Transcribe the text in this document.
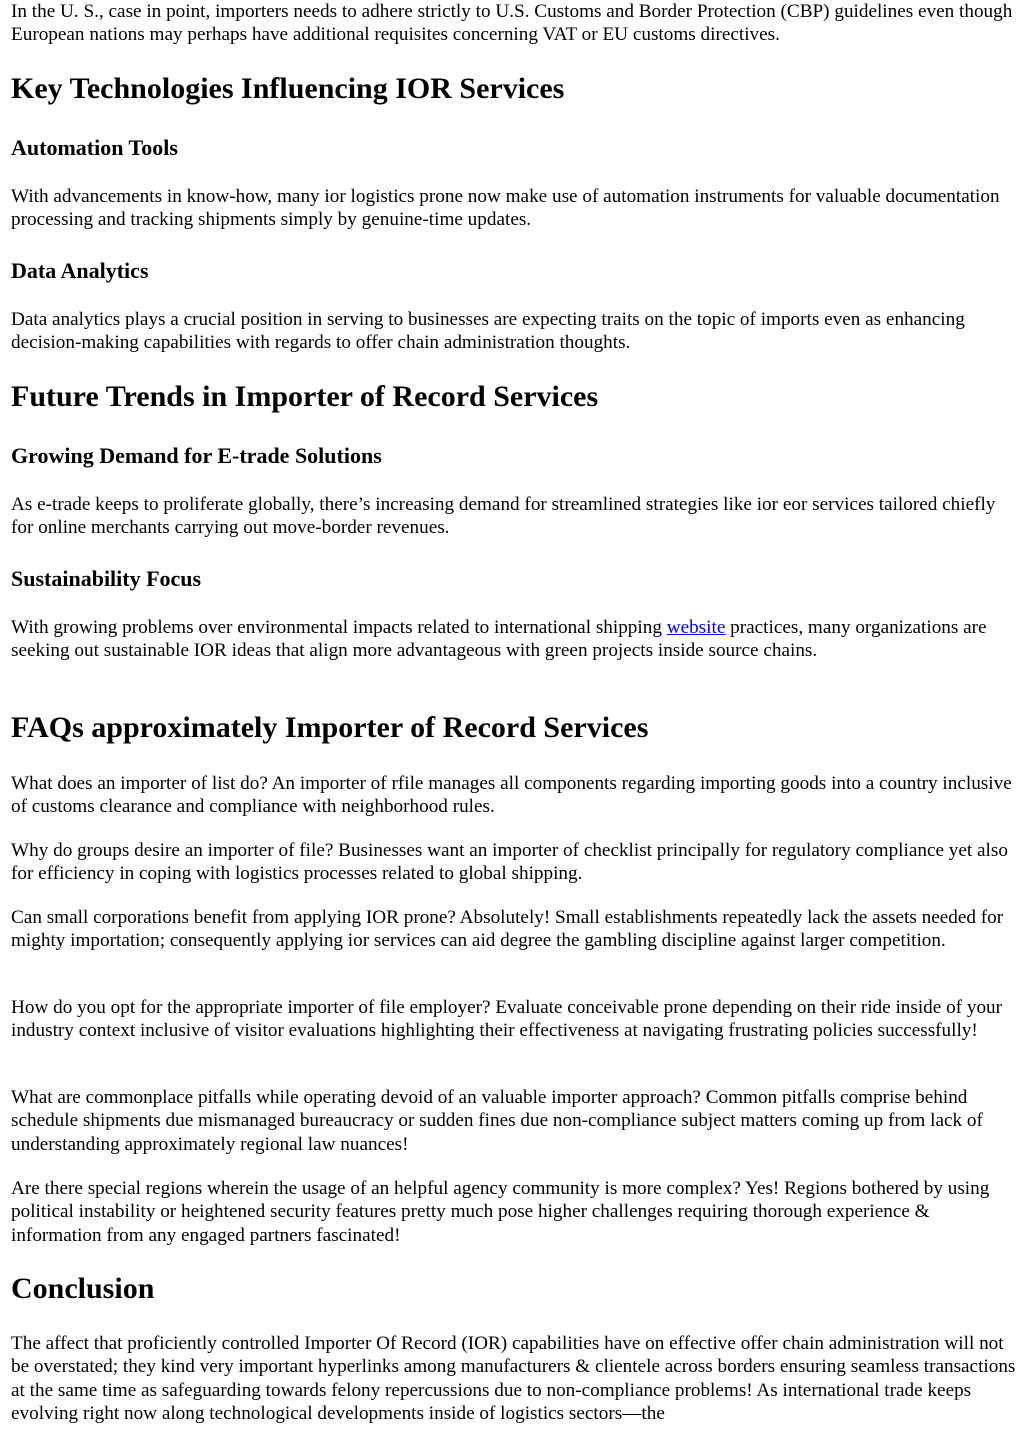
In the U. S., case in point, importers needs to adhere strictly to U.S. Customs and Border Protection (CBP) guidelines even though European nations may perhaps have additional requisites concerning VAT or EU customs directives.

Key Technologies Influencing IOR Services
Automation Tools

With advancements in know-how, many ior logistics prone now make use of automation instruments for valuable documentation processing and tracking shipments simply by genuine-time updates.

Data Analytics

Data analytics plays a crucial position in serving to businesses are expecting traits on the topic of imports even as enhancing decision-making capabilities with regards to offer chain administration thoughts.

Future Trends in Importer of Record Services
Growing Demand for E-trade Solutions

As e-trade keeps to proliferate globally, there’s increasing demand for streamlined strategies like ior eor services tailored chiefly for online merchants carrying out move-border revenues.

Sustainability Focus

With growing problems over environmental impacts related to international shipping website practices, many organizations are seeking out sustainable IOR ideas that align more advantageous with green projects inside source chains.

FAQs approximately Importer of Record Services

What does an importer of list do? An importer of rfile manages all components regarding importing goods into a country inclusive of customs clearance and compliance with neighborhood rules.

Why do groups desire an importer of file? Businesses want an importer of checklist principally for regulatory compliance yet also for efficiency in coping with logistics processes related to global shipping.

Can small corporations benefit from applying IOR prone? Absolutely! Small establishments repeatedly lack the assets needed for mighty importation; consequently applying ior services can aid degree the gambling discipline against larger competition.

How do you opt for the appropriate importer of file employer? Evaluate conceivable prone depending on their ride inside of your industry context inclusive of visitor evaluations highlighting their effectiveness at navigating frustrating policies successfully!

What are commonplace pitfalls while operating devoid of an valuable importer approach? Common pitfalls comprise behind schedule shipments due mismanaged bureaucracy or sudden fines due non-compliance subject matters coming up from lack of understanding approximately regional law nuances!

Are there special regions wherein the usage of an helpful agency community is more complex? Yes! Regions bothered by using political instability or heightened security features pretty much pose higher challenges requiring thorough experience & information from any engaged partners fascinated!

Conclusion

The affect that proficiently controlled Importer Of Record (IOR) capabilities have on effective offer chain administration will not be overstated; they kind very important hyperlinks among manufacturers & clientele across borders ensuring seamless transactions at the same time as safeguarding towards felony repercussions due to non-compliance problems! As international trade keeps evolving right now along technological developments inside of logistics sectors—the
